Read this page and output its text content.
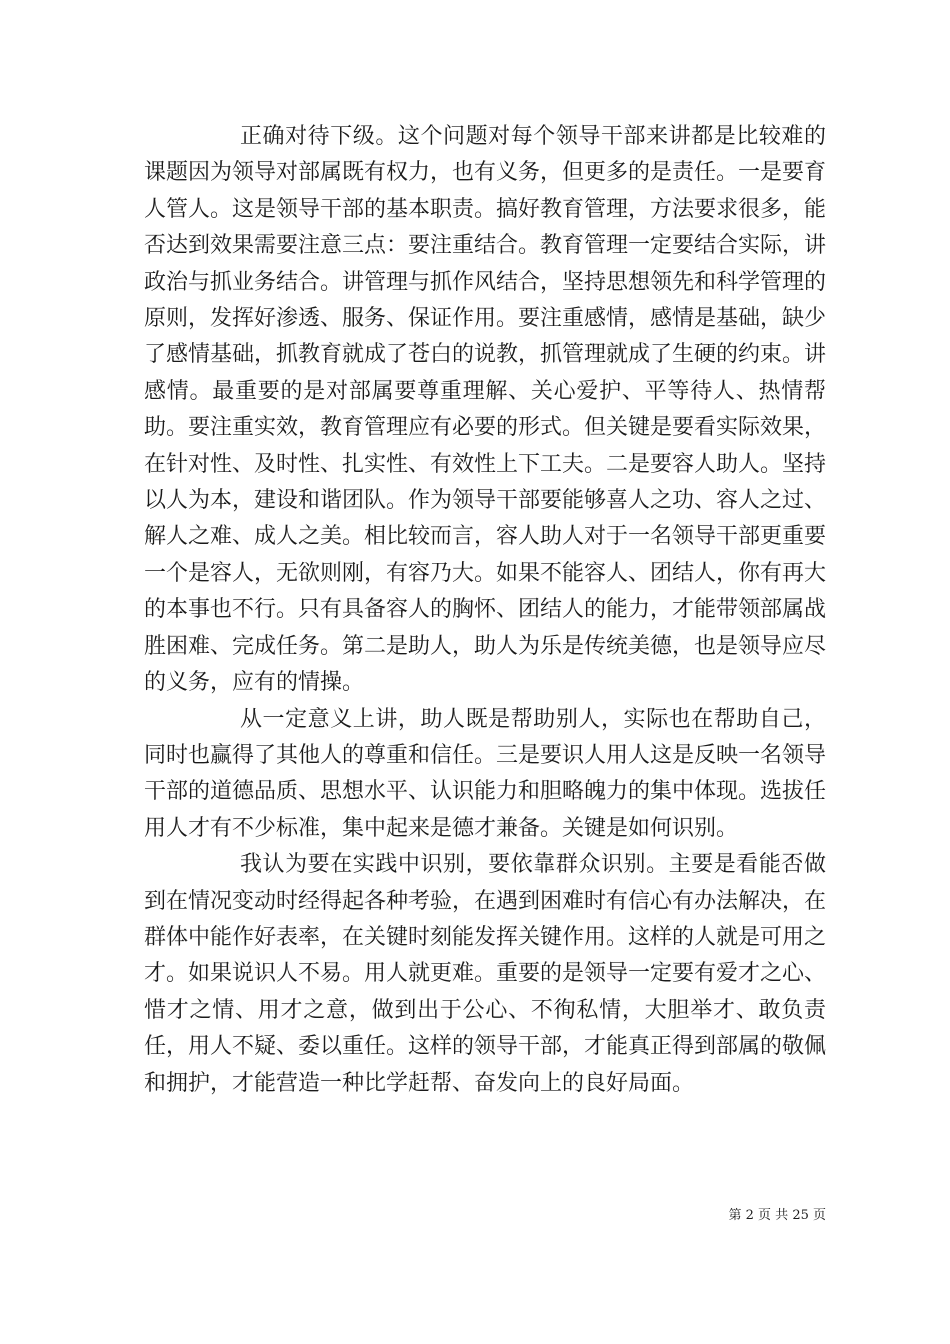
正确对待下级。这个问题对每个领导干部来讲都是比较难的课题因为领导对部属既有权力，也有义务，但更多的是责任。一是要育人管人。这是领导干部的基本职责。搞好教育管理，方法要求很多，能否达到效果需要注意三点：要注重结合。教育管理一定要结合实际，讲政治与抓业务结合。讲管理与抓作风结合，坚持思想领先和科学管理的原则，发挥好渗透、服务、保证作用。要注重感情，感情是基础，缺少了感情基础，抓教育就成了苍白的说教，抓管理就成了生硬的约束。讲感情。最重要的是对部属要尊重理解、关心爱护、平等待人、热情帮助。要注重实效，教育管理应有必要的形式。但关键是要看实际效果，在针对性、及时性、扎实性、有效性上下工夫。二是要容人助人。坚持以人为本，建设和谐团队。作为领导干部要能够喜人之功、容人之过、解人之难、成人之美。相比较而言，容人助人对于一名领导干部更重要一个是容人，无欲则刚，有容乃大。如果不能容人、团结人，你有再大的本事也不行。只有具备容人的胸怀、团结人的能力，才能带领部属战胜困难、完成任务。第二是助人，助人为乐是传统美德，也是领导应尽的义务，应有的情操。

从一定意义上讲，助人既是帮助别人，实际也在帮助自己，同时也赢得了其他人的尊重和信任。三是要识人用人这是反映一名领导干部的道德品质、思想水平、认识能力和胆略魄力的集中体现。选拔任用人才有不少标准，集中起来是德才兼备。关键是如何识别。

我认为要在实践中识别，要依靠群众识别。主要是看能否做到在情况变动时经得起各种考验，在遇到困难时有信心有办法解决，在群体中能作好表率，在关键时刻能发挥关键作用。这样的人就是可用之才。如果说识人不易。用人就更难。重要的是领导一定要有爱才之心、惜才之情、用才之意，做到出于公心、不徇私情，大胆举才、敢负责任，用人不疑、委以重任。这样的领导干部，才能真正得到部属的敬佩和拥护，才能营造一种比学赶帮、奋发向上的良好局面。

第 2 页 共 25 页
